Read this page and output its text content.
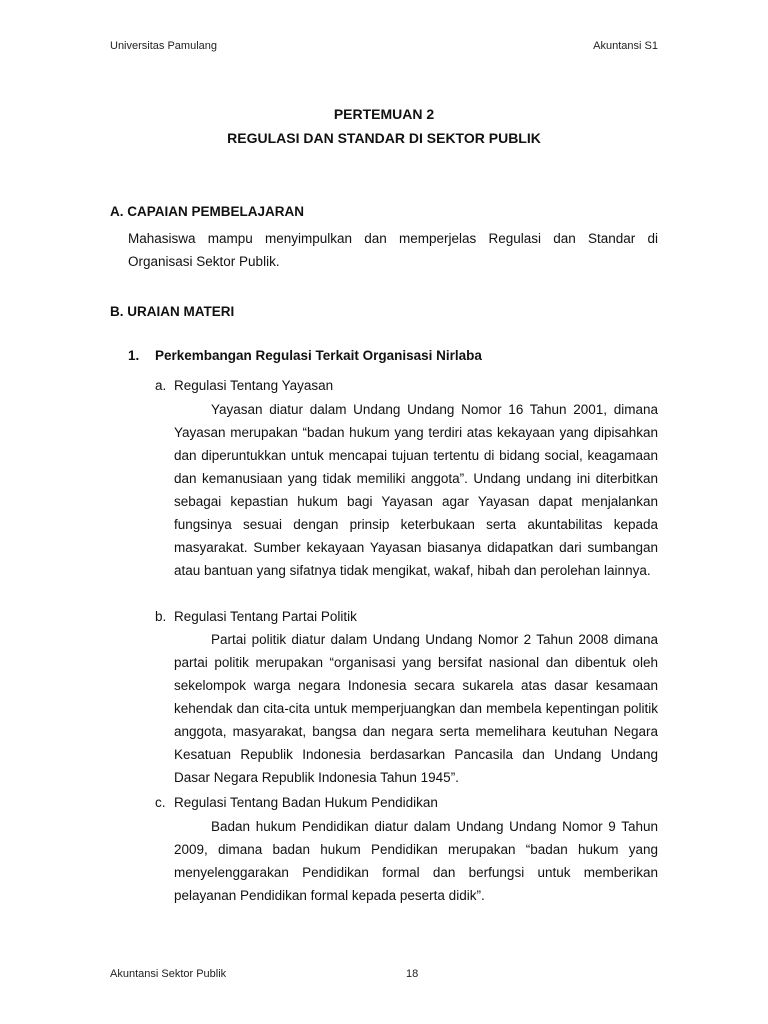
Universitas Pamulang	Akuntansi S1
PERTEMUAN 2
REGULASI DAN STANDAR DI SEKTOR PUBLIK
A. CAPAIAN PEMBELAJARAN
Mahasiswa mampu menyimpulkan dan memperjelas Regulasi dan Standar di Organisasi Sektor Publik.
B. URAIAN MATERI
1. Perkembangan Regulasi Terkait Organisasi Nirlaba
a. Regulasi Tentang Yayasan
Yayasan diatur dalam Undang Undang Nomor 16 Tahun 2001, dimana Yayasan merupakan “badan hukum yang terdiri atas kekayaan yang dipisahkan dan diperuntukkan untuk mencapai tujuan tertentu di bidang social, keagamaan dan kemanusiaan yang tidak memiliki anggota”. Undang undang ini diterbitkan sebagai kepastian hukum bagi Yayasan agar Yayasan dapat menjalankan fungsinya sesuai dengan prinsip keterbukaan serta akuntabilitas kepada masyarakat. Sumber kekayaan Yayasan biasanya didapatkan dari sumbangan atau bantuan yang sifatnya tidak mengikat, wakaf, hibah dan perolehan lainnya.
b. Regulasi Tentang Partai Politik
Partai politik diatur dalam Undang Undang Nomor 2 Tahun 2008 dimana partai politik merupakan “organisasi yang bersifat nasional dan dibentuk oleh sekelompok warga negara Indonesia secara sukarela atas dasar kesamaan kehendak dan cita-cita untuk memperjuangkan dan membela kepentingan politik anggota, masyarakat, bangsa dan negara serta memelihara keutuhan Negara Kesatuan Republik Indonesia berdasarkan Pancasila dan Undang Undang Dasar Negara Republik Indonesia Tahun 1945”.
c. Regulasi Tentang Badan Hukum Pendidikan
Badan hukum Pendidikan diatur dalam Undang Undang Nomor 9 Tahun 2009, dimana badan hukum Pendidikan merupakan “badan hukum yang menyelenggarakan Pendidikan formal dan berfungsi untuk memberikan pelayanan Pendidikan formal kepada peserta didik”.
Akuntansi Sektor Publik	18
